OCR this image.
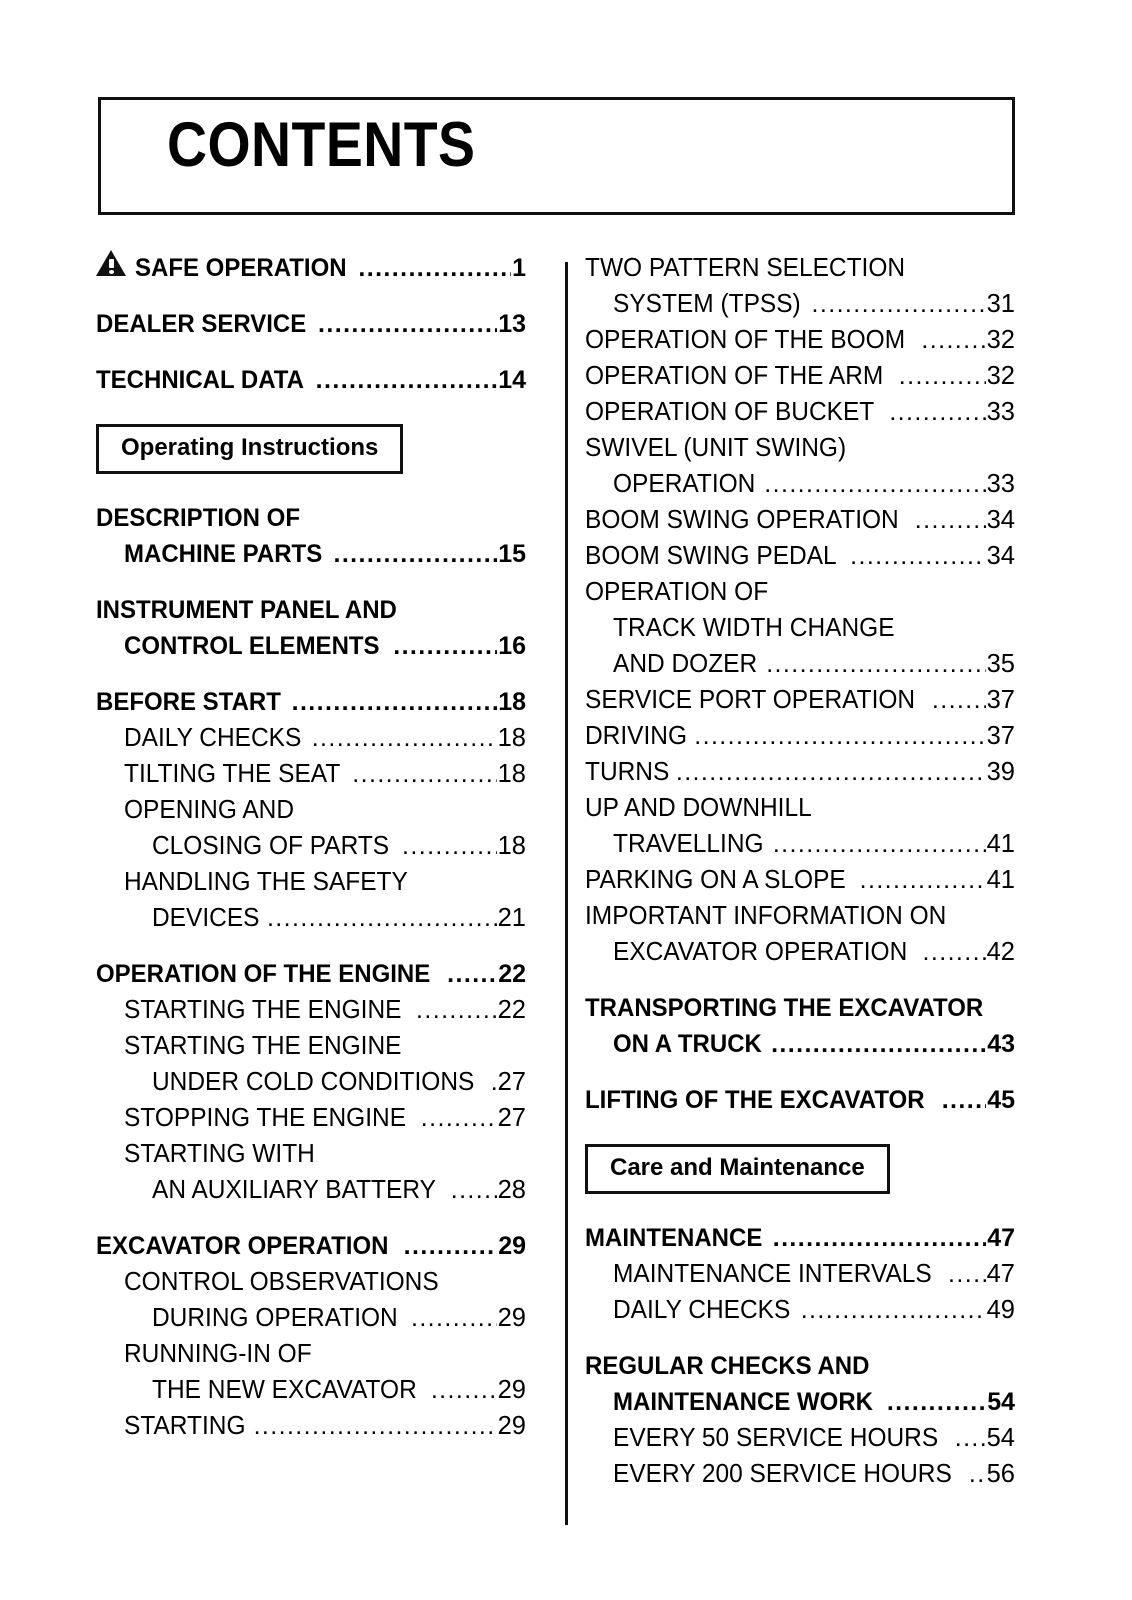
CONTENTS
SAFE OPERATION .....	1
DEALER SERVICE .....	13
TECHNICAL DATA .....	14
Operating Instructions
DESCRIPTION OF
MACHINE PARTS .....	15
INSTRUMENT PANEL AND
CONTROL ELEMENTS .....	16
BEFORE START .....	18
DAILY CHECKS .....	18
TILTING THE SEAT .....	18
OPENING AND
CLOSING OF PARTS .....	18
HANDLING THE SAFETY
DEVICES .....	21
OPERATION OF THE ENGINE .....	22
STARTING THE ENGINE .....	22
STARTING THE ENGINE
UNDER COLD CONDITIONS ..... 27
STOPPING THE ENGINE .....	27
STARTING WITH
AN AUXILIARY BATTERY ..... 28
EXCAVATOR OPERATION .....	29
CONTROL OBSERVATIONS
DURING OPERATION .....	29
RUNNING-IN OF
THE NEW EXCAVATOR .....	29
STARTING .....	29
TWO PATTERN SELECTION
SYSTEM (TPSS) .....	31
OPERATION OF THE BOOM .....	32
OPERATION OF THE ARM .....	32
OPERATION OF BUCKET .....	33
SWIVEL (UNIT SWING)
OPERATION .....	33
BOOM SWING OPERATION .....	34
BOOM SWING PEDAL .....	34
OPERATION OF
TRACK WIDTH CHANGE
AND DOZER .....	35
SERVICE PORT OPERATION .....	37
DRIVING .....	37
TURNS .....	39
UP AND DOWNHILL
TRAVELLING .....	41
PARKING ON A SLOPE .....	41
IMPORTANT INFORMATION ON
EXCAVATOR OPERATION .....	42
TRANSPORTING THE EXCAVATOR
ON A TRUCK .....	43
LIFTING OF THE EXCAVATOR .....	45
Care and Maintenance
MAINTENANCE .....	47
MAINTENANCE INTERVALS ..... 47
DAILY CHECKS .....	49
REGULAR CHECKS AND
MAINTENANCE WORK .....	54
EVERY 50 SERVICE HOURS ..... 54
EVERY 200 SERVICE HOURS ..... 56
